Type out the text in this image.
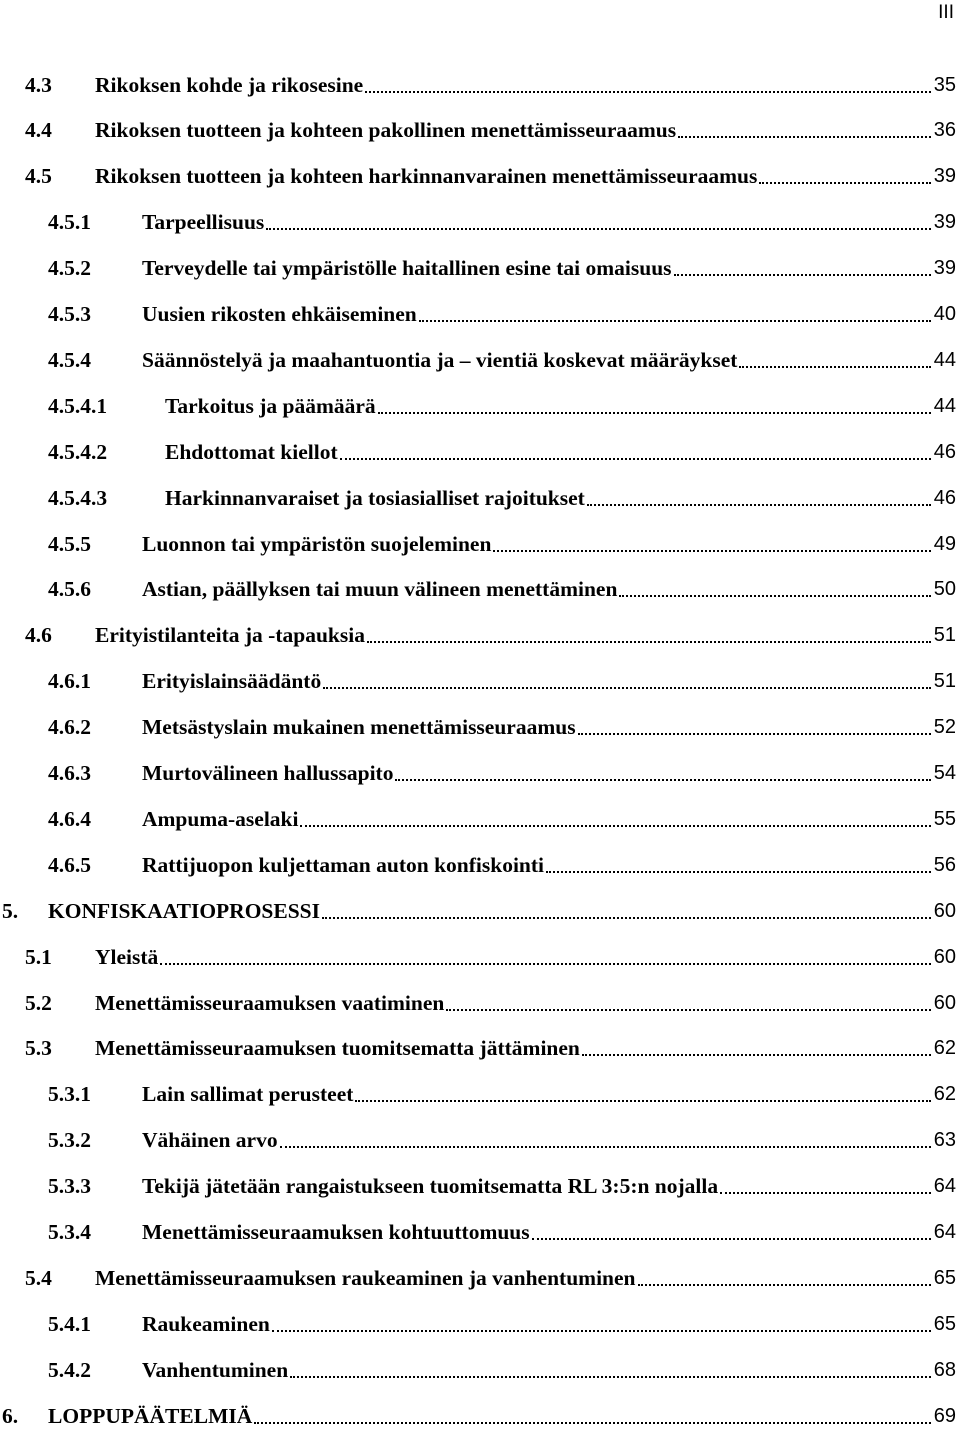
III
4.3	Rikoksen kohde ja rikosesine	35
4.4	Rikoksen tuotteen ja kohteen pakollinen menettämisseuraamus	36
4.5	Rikoksen tuotteen ja kohteen harkinnanvarainen menettämisseuraamus	39
4.5.1	Tarpeellisuus	39
4.5.2	Terveydelle tai ympäristölle haitallinen esine tai omaisuus	39
4.5.3	Uusien rikosten ehkäiseminen	40
4.5.4	Säännöstelyä ja maahantuontia ja – vientiä koskevat määräykset	44
4.5.4.1	Tarkoitus ja päämäärä	44
4.5.4.2	Ehdottomat kiellot	46
4.5.4.3	Harkinnanvaraiset ja tosiasialliset rajoitukset	46
4.5.5	Luonnon tai ympäristön suojeleminen	49
4.5.6	Astian, päällyksen tai muun välineen menettäminen	50
4.6	Erityistilanteita ja -tapauksia	51
4.6.1	Erityislainsäädäntö	51
4.6.2	Metsästyslain mukainen menettämisseuraamus	52
4.6.3	Murtovälineen hallussapito	54
4.6.4	Ampuma-aselaki	55
4.6.5	Rattijuopon kuljettaman auton konfiskointi	56
5.	KONFISKAATIOPROSESSI	60
5.1	Yleistä	60
5.2	Menettämisseuraamuksen vaatiminen	60
5.3	Menettämisseuraamuksen tuomitsematta jättäminen	62
5.3.1	Lain sallimat perusteet	62
5.3.2	Vähäinen arvo	63
5.3.3	Tekijä jätetään rangaistukseen tuomitsematta RL 3:5:n nojalla	64
5.3.4	Menettämisseuraamuksen kohtuuttomuus	64
5.4	Menettämisseuraamuksen raukeaminen ja vanhentuminen	65
5.4.1	Raukeaminen	65
5.4.2	Vanhentuminen	68
6.	LOPPUPÄÄTELMIÄ	69
